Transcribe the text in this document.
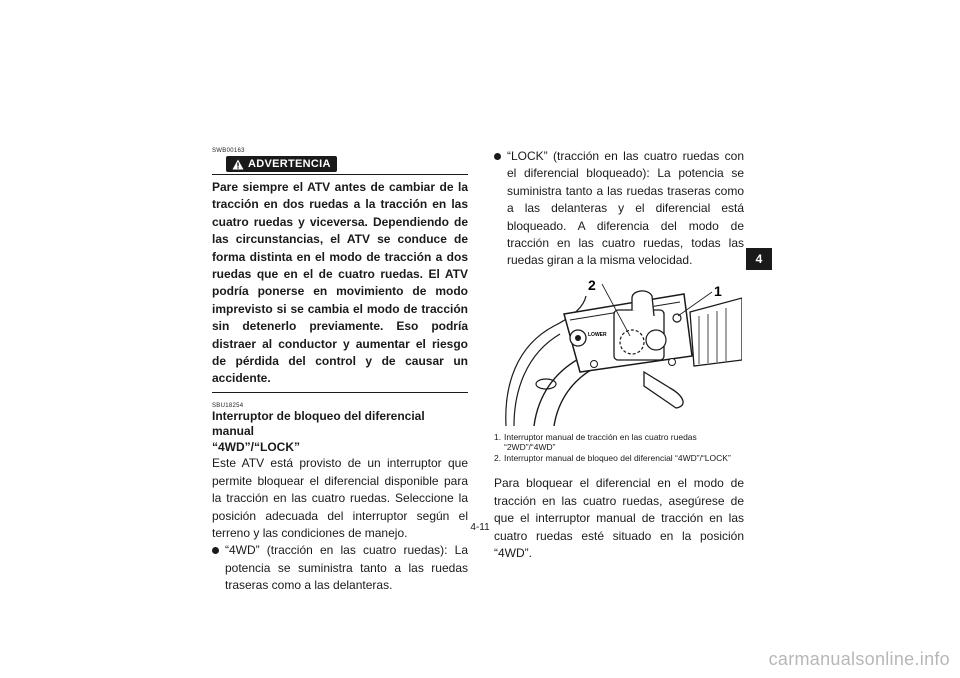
SWB00163
ADVERTENCIA

Pare siempre el ATV antes de cambiar de la tracción en dos ruedas a la tracción en las cuatro ruedas y viceversa. Dependiendo de las circunstancias, el ATV se conduce de forma distinta en el modo de tracción a dos ruedas que en el de cuatro ruedas. El ATV podría ponerse en movimiento de modo imprevisto si se cambia el modo de tracción sin detenerlo previamente. Eso podría distraer al conductor y aumentar el riesgo de pérdida del control y de causar un accidente.

SBU18254

Interruptor de bloqueo del diferencial manual

“4WD”/“LOCK”

Este ATV está provisto de un interruptor que permite bloquear el diferencial disponible para la tracción en las cuatro ruedas. Seleccione la posición adecuada del interruptor según el terreno y las condiciones de manejo.

“4WD” (tracción en las cuatro ruedas): La potencia se suministra tanto a las ruedas traseras como a las delanteras.

“LOCK” (tracción en las cuatro ruedas con el diferencial bloqueado): La potencia se suministra tanto a las ruedas traseras como a las delanteras y el diferencial está bloqueado. A diferencia del modo de tracción en las cuatro ruedas, todas las ruedas giran a la misma velocidad.

LOWER
2	1
1. Interruptor manual de tracción en las cuatro ruedas “2WD”/“4WD”
2. Interruptor manual de bloqueo del diferencial “4WD”/“LOCK”

Para bloquear el diferencial en el modo de tracción en las cuatro ruedas, asegúrese de que el interruptor manual de tracción en las cuatro ruedas esté situado en la posición “4WD”.

4
4-11
carmanualsonline.info
